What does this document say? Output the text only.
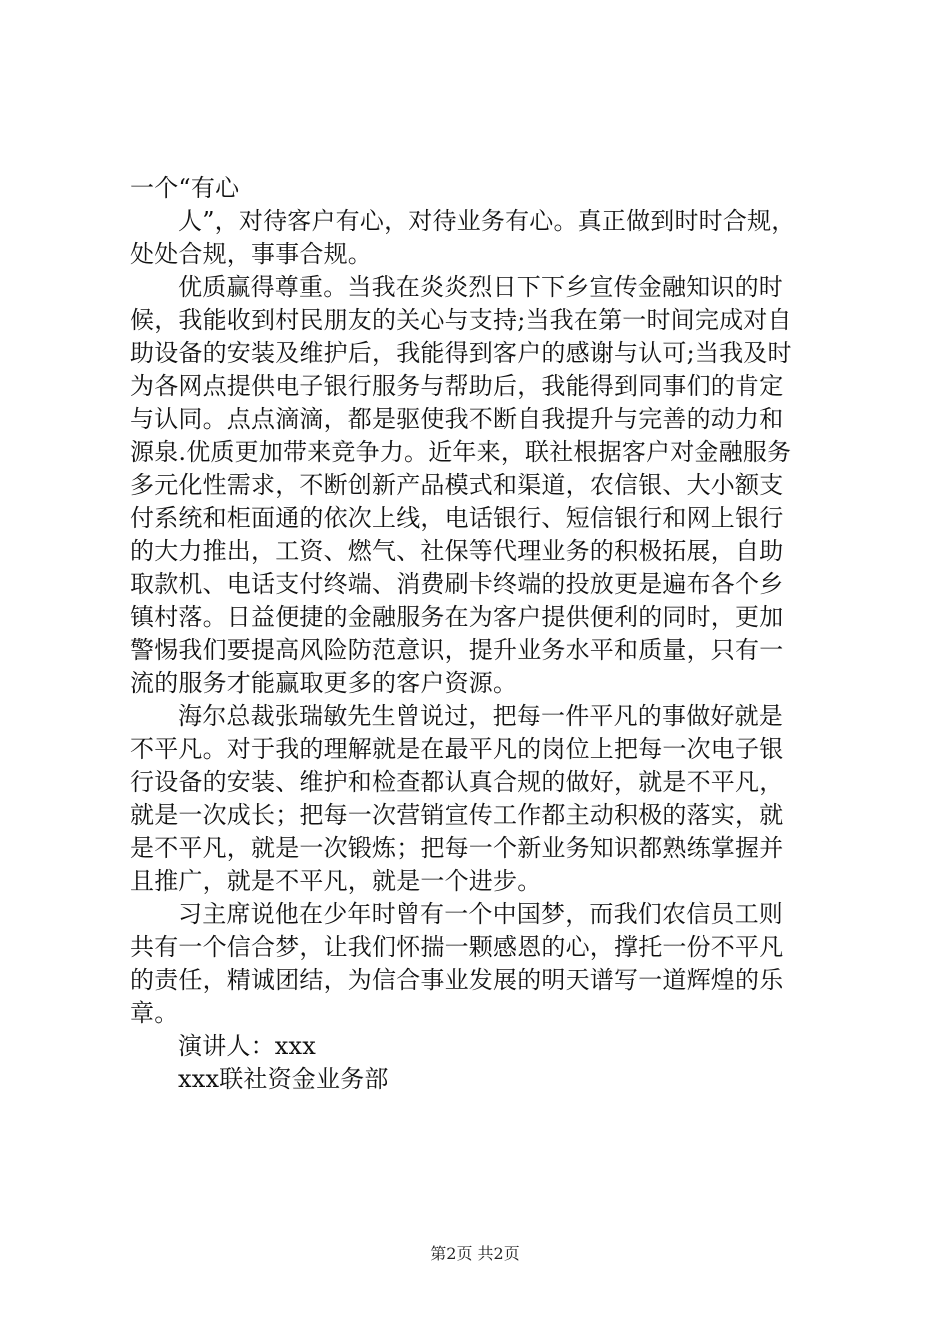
一个“有心
人”，对待客户有心，对待业务有心。真正做到时时合规，
处处合规，事事合规。
优质赢得尊重。当我在炎炎烈日下下乡宣传金融知识的时
候，我能收到村民朋友的关心与支持;当我在第一时间完成对自
助设备的安装及维护后，我能得到客户的感谢与认可;当我及时
为各网点提供电子银行服务与帮助后，我能得到同事们的肯定
与认同。点点滴滴，都是驱使我不断自我提升与完善的动力和
源泉.优质更加带来竞争力。近年来，联社根据客户对金融服务
多元化性需求，不断创新产品模式和渠道，农信银、大小额支
付系统和柜面通的依次上线，电话银行、短信银行和网上银行
的大力推出，工资、燃气、社保等代理业务的积极拓展，自助
取款机、电话支付终端、消费刷卡终端的投放更是遍布各个乡
镇村落。日益便捷的金融服务在为客户提供便利的同时，更加
警惕我们要提高风险防范意识，提升业务水平和质量，只有一
流的服务才能赢取更多的客户资源。
海尔总裁张瑞敏先生曾说过，把每一件平凡的事做好就是
不平凡。对于我的理解就是在最平凡的岗位上把每一次电子银
行设备的安装、维护和检查都认真合规的做好，就是不平凡，
就是一次成长；把每一次营销宣传工作都主动积极的落实，就
是不平凡，就是一次锻炼；把每一个新业务知识都熟练掌握并
且推广，就是不平凡，就是一个进步。
习主席说他在少年时曾有一个中国梦，而我们农信员工则
共有一个信合梦，让我们怀揣一颗感恩的心，撑托一份不平凡
的责任，精诚团结，为信合事业发展的明天谱写一道辉煌的乐
章。
演讲人：xxx
xxx联社资金业务部
第2页 共2页
